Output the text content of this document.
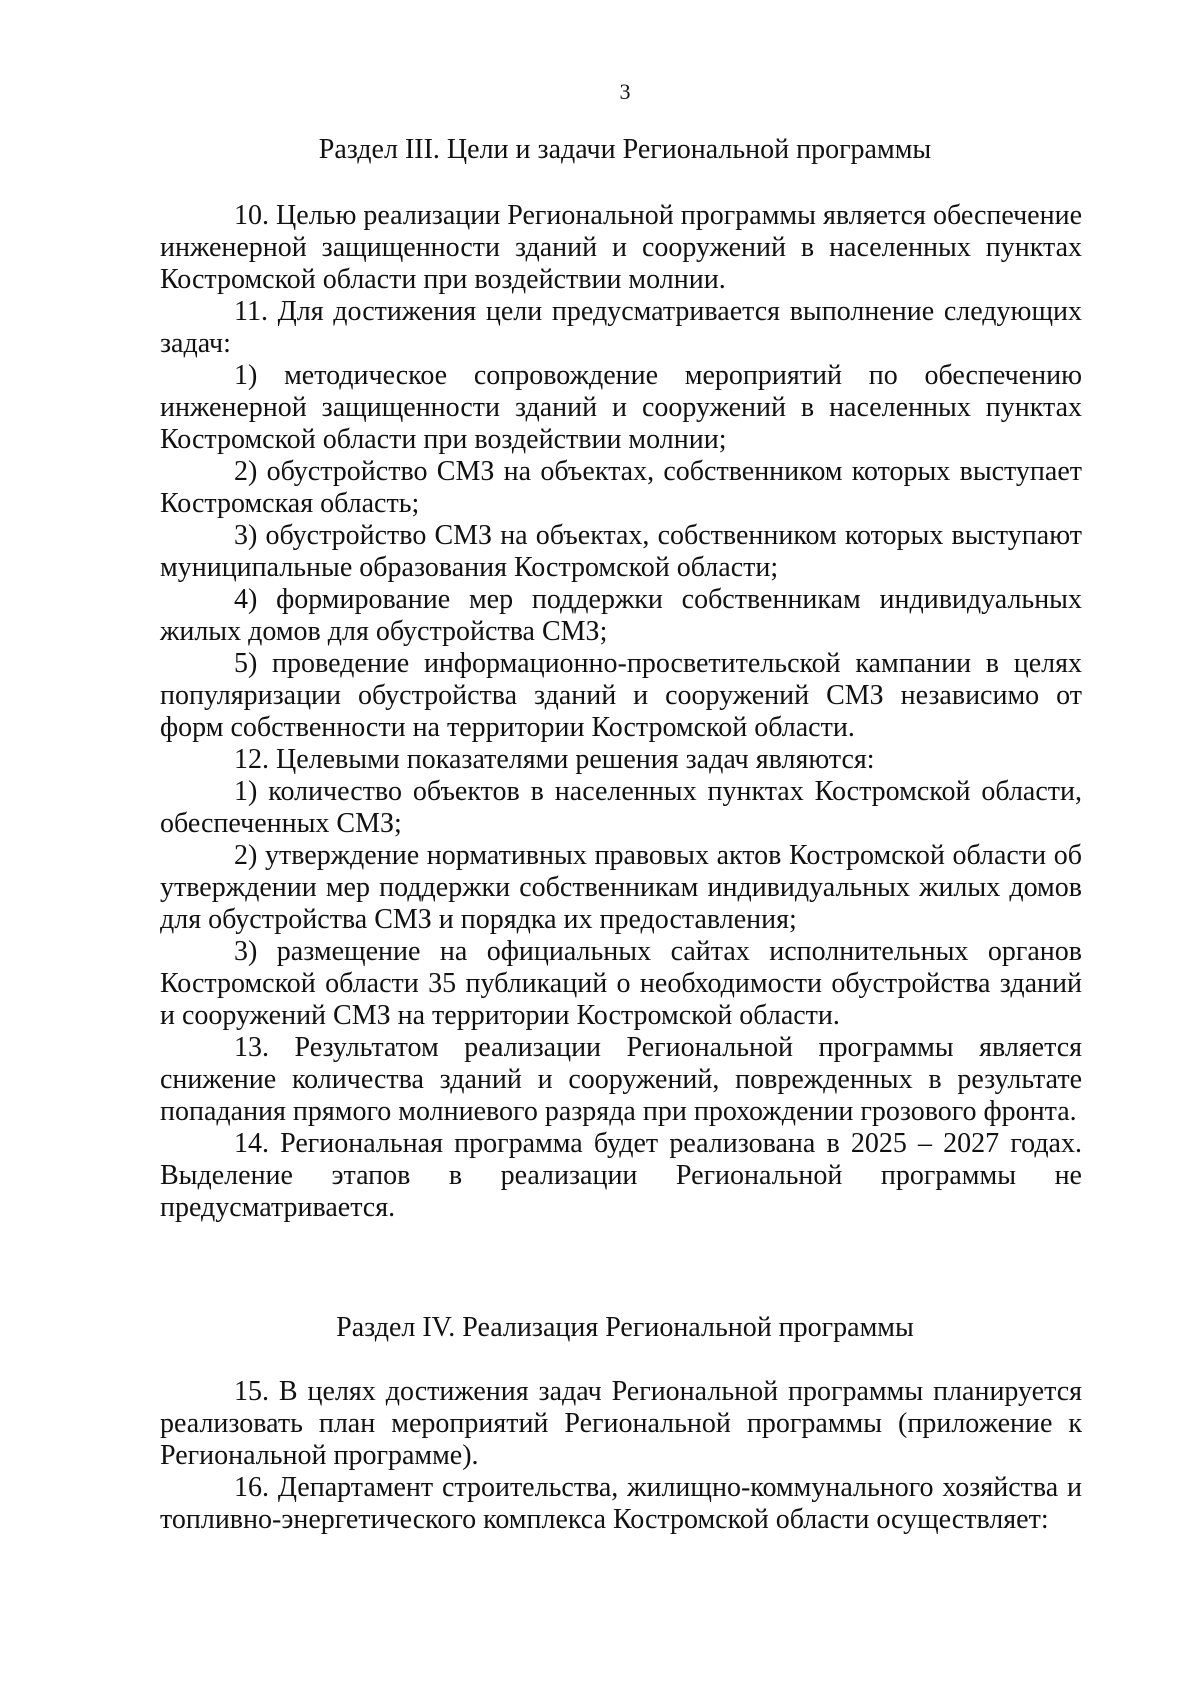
3
Раздел III. Цели и задачи Региональной программы

10. Целью реализации Региональной программы является обеспечение инженерной защищенности зданий и сооружений в населенных пунктах Костромской области при воздействии молнии.

11. Для достижения цели предусматривается выполнение следующих задач:

1) методическое сопровождение мероприятий по обеспечению инженерной защищенности зданий и сооружений в населенных пунктах Костромской области при воздействии молнии;

2) обустройство СМЗ на объектах, собственником которых выступает Костромская область;

3) обустройство СМЗ на объектах, собственником которых выступают муниципальные образования Костромской области;

4) формирование мер поддержки собственникам индивидуальных жилых домов для обустройства СМЗ;

5) проведение информационно-просветительской кампании в целях популяризации обустройства зданий и сооружений СМЗ независимо от форм собственности на территории Костромской области.

12. Целевыми показателями решения задач являются:

1) количество объектов в населенных пунктах Костромской области, обеспеченных СМЗ;

2) утверждение нормативных правовых актов Костромской области об утверждении мер поддержки собственникам индивидуальных жилых домов для обустройства СМЗ и порядка их предоставления;

3) размещение на официальных сайтах исполнительных органов Костромской области 35 публикаций о необходимости обустройства зданий и сооружений СМЗ на территории Костромской области.

13. Результатом реализации Региональной программы является снижение количества зданий и сооружений, поврежденных в результате попадания прямого молниевого разряда при прохождении грозового фронта.

14. Региональная программа будет реализована в 2025 – 2027 годах. Выделение этапов в реализации Региональной программы не предусматривается.

Раздел IV. Реализация Региональной программы

15. В целях достижения задач Региональной программы планируется реализовать план мероприятий Региональной программы (приложение к Региональной программе).

16. Департамент строительства, жилищно-коммунального хозяйства и топливно-энергетического комплекса Костромской области осуществляет:
